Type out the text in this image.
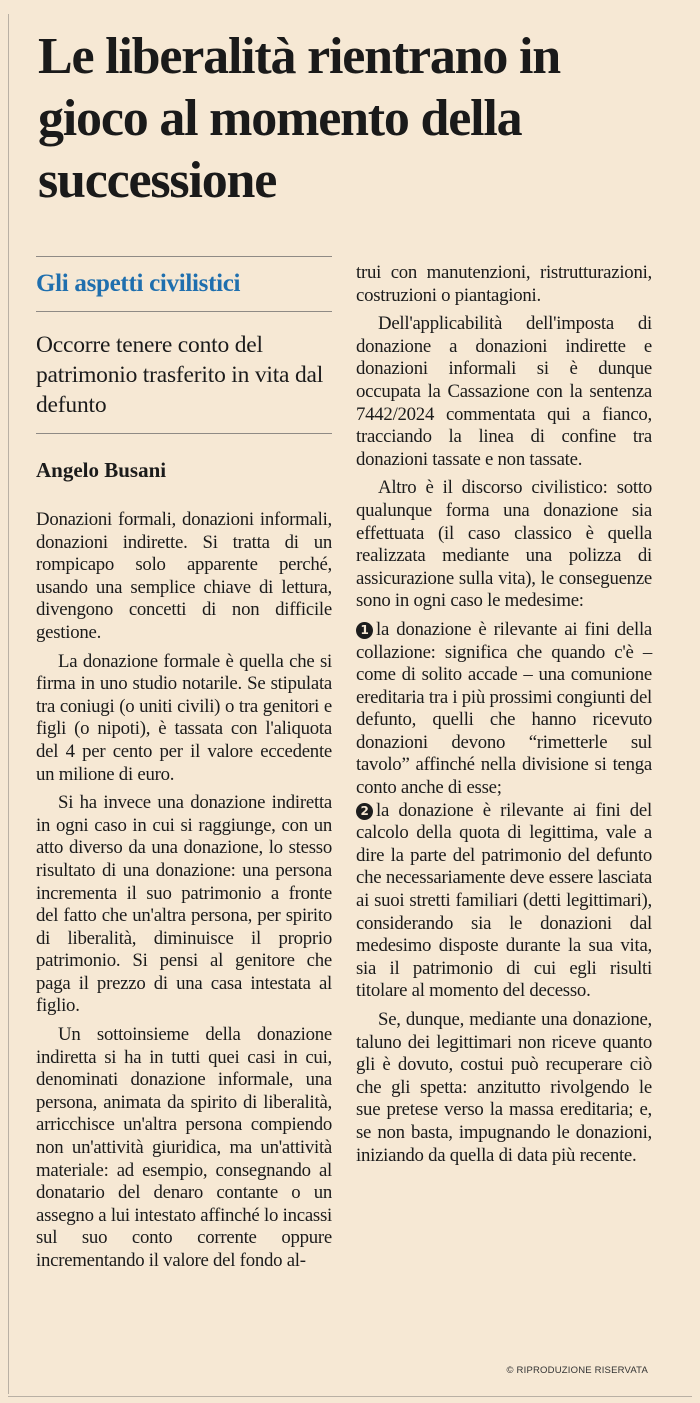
Le liberalità rientrano in gioco al momento della successione
Gli aspetti civilistici
Occorre tenere conto del patrimonio trasferito in vita dal defunto
Angelo Busani

Donazioni formali, donazioni informali, donazioni indirette. Si tratta di un rompicapo solo apparente perché, usando una semplice chiave di lettura, divengono concetti di non difficile gestione.

La donazione formale è quella che si firma in uno studio notarile. Se stipulata tra coniugi (o uniti civili) o tra genitori e figli (o nipoti), è tassata con l'aliquota del 4 per cento per il valore eccedente un milione di euro.

Si ha invece una donazione indiretta in ogni caso in cui si raggiunge, con un atto diverso da una donazione, lo stesso risultato di una donazione: una persona incrementa il suo patrimonio a fronte del fatto che un'altra persona, per spirito di liberalità, diminuisce il proprio patrimonio. Si pensi al genitore che paga il prezzo di una casa intestata al figlio.

Un sottoinsieme della donazione indiretta si ha in tutti quei casi in cui, denominati donazione informale, una persona, animata da spirito di liberalità, arricchisce un'altra persona compiendo non un'attività giuridica, ma un'attività materiale: ad esempio, consegnando al donatario del denaro contante o un assegno a lui intestato affinché lo incassi sul suo conto corrente oppure incrementando il valore del fondo al-

trui con manutenzioni, ristrutturazioni, costruzioni o piantagioni.

Dell'applicabilità dell'imposta di donazione a donazioni indirette e donazioni informali si è dunque occupata la Cassazione con la sentenza 7442/2024 commentata qui a fianco, tracciando la linea di confine tra donazioni tassate e non tassate.

Altro è il discorso civilistico: sotto qualunque forma una donazione sia effettuata (il caso classico è quella realizzata mediante una polizza di assicurazione sulla vita), le conseguenze sono in ogni caso le medesime:

1 la donazione è rilevante ai fini della collazione: significa che quando c'è – come di solito accade – una comunione ereditaria tra i più prossimi congiunti del defunto, quelli che hanno ricevuto donazioni devono “rimetterle sul tavolo” affinché nella divisione si tenga conto anche di esse;

2 la donazione è rilevante ai fini del calcolo della quota di legittima, vale a dire la parte del patrimonio del defunto che necessariamente deve essere lasciata ai suoi stretti familiari (detti legittimari), considerando sia le donazioni dal medesimo disposte durante la sua vita, sia il patrimonio di cui egli risulti titolare al momento del decesso.

Se, dunque, mediante una donazione, taluno dei legittimari non riceve quanto gli è dovuto, costui può recuperare ciò che gli spetta: anzitutto rivolgendo le sue pretese verso la massa ereditaria; e, se non basta, impugnando le donazioni, iniziando da quella di data più recente.

© RIPRODUZIONE RISERVATA
